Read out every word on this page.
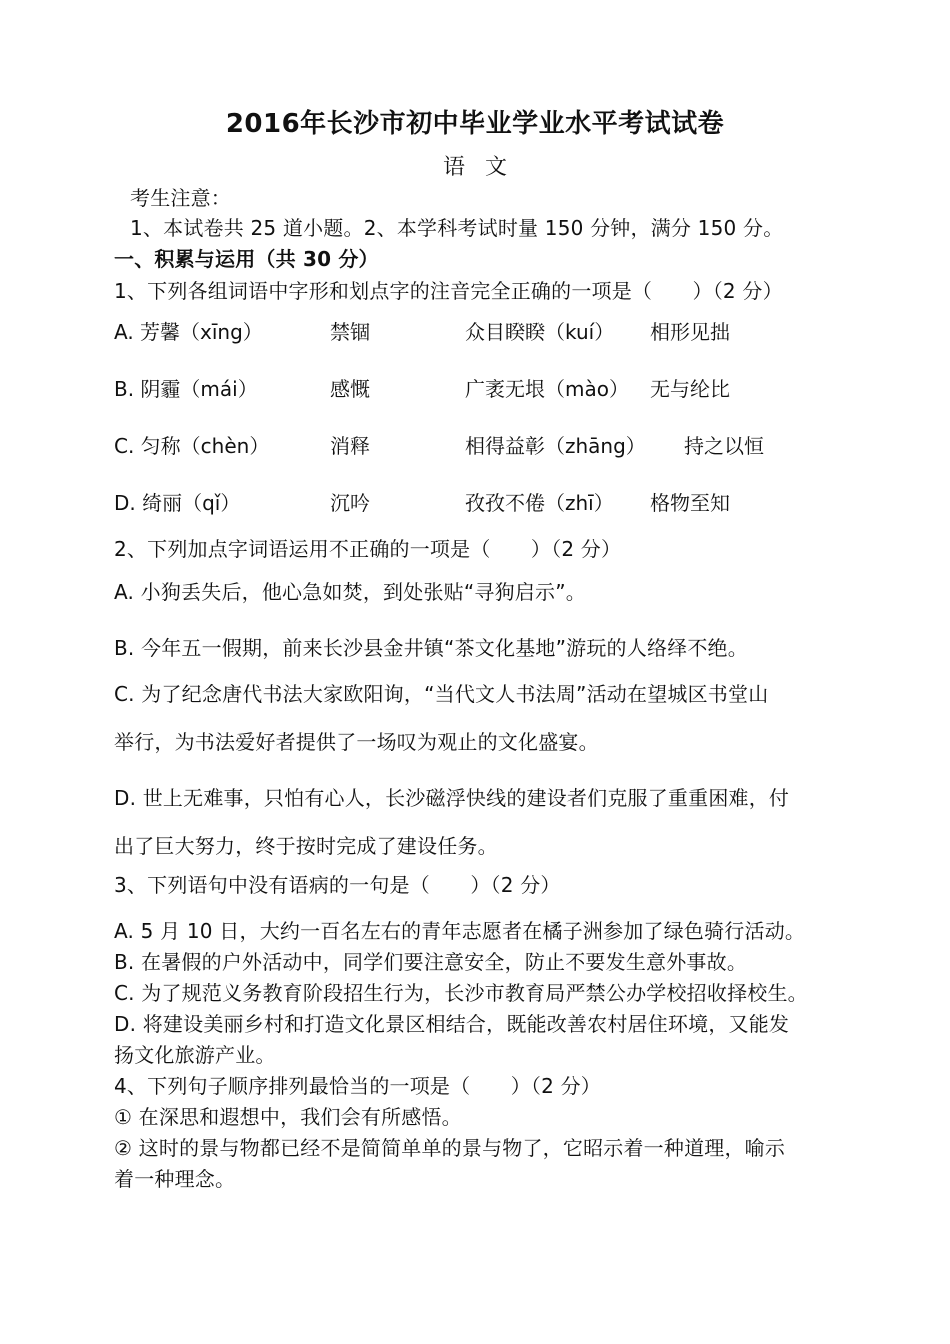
2016年长沙市初中毕业学业水平考试试卷
语文
考生注意：
1、本试卷共 25 道小题。2、本学科考试时量 150 分钟，满分 150 分。
一、积累与运用（共 30 分）
1、下列各组词语中字形和划点字的注音完全正确的一项是（　　）（2 分）
A. 芳馨（xīng）	禁锢	众目睽睽（kuí） 相形见拙
B. 阴霾（mái）	感慨	广袤无垠（mào） 无与纶比
C. 匀称（chèn）	消释	相得益彰（zhāng） 持之以恒
D. 绮丽（qǐ）	沉吟	孜孜不倦（zhī） 格物至知
2、下列加点字词语运用不正确的一项是（　　）（2 分）
A. 小狗丢失后，他心急如焚，到处张贴“寻狗启示”。
B. 今年五一假期，前来长沙县金井镇“茶文化基地”游玩的人络绎不绝。
C. 为了纪念唐代书法大家欧阳询，“当代文人书法周”活动在望城区书堂山
举行，为书法爱好者提供了一场叹为观止的文化盛宴。
D. 世上无难事，只怕有心人，长沙磁浮快线的建设者们克服了重重困难，付
出了巨大努力，终于按时完成了建设任务。
3、下列语句中没有语病的一句是（　　）（2 分）
A. 5 月 10 日，大约一百名左右的青年志愿者在橘子洲参加了绿色骑行活动。
B. 在暑假的户外活动中，同学们要注意安全，防止不要发生意外事故。
C. 为了规范义务教育阶段招生行为，长沙市教育局严禁公办学校招收择校生。
D. 将建设美丽乡村和打造文化景区相结合，既能改善农村居住环境，又能发
扬文化旅游产业。
4、下列句子顺序排列最恰当的一项是（　　）（2 分）
① 在深思和遐想中，我们会有所感悟。
② 这时的景与物都已经不是简简单单的景与物了，它昭示着一种道理，喻示
着一种理念。
